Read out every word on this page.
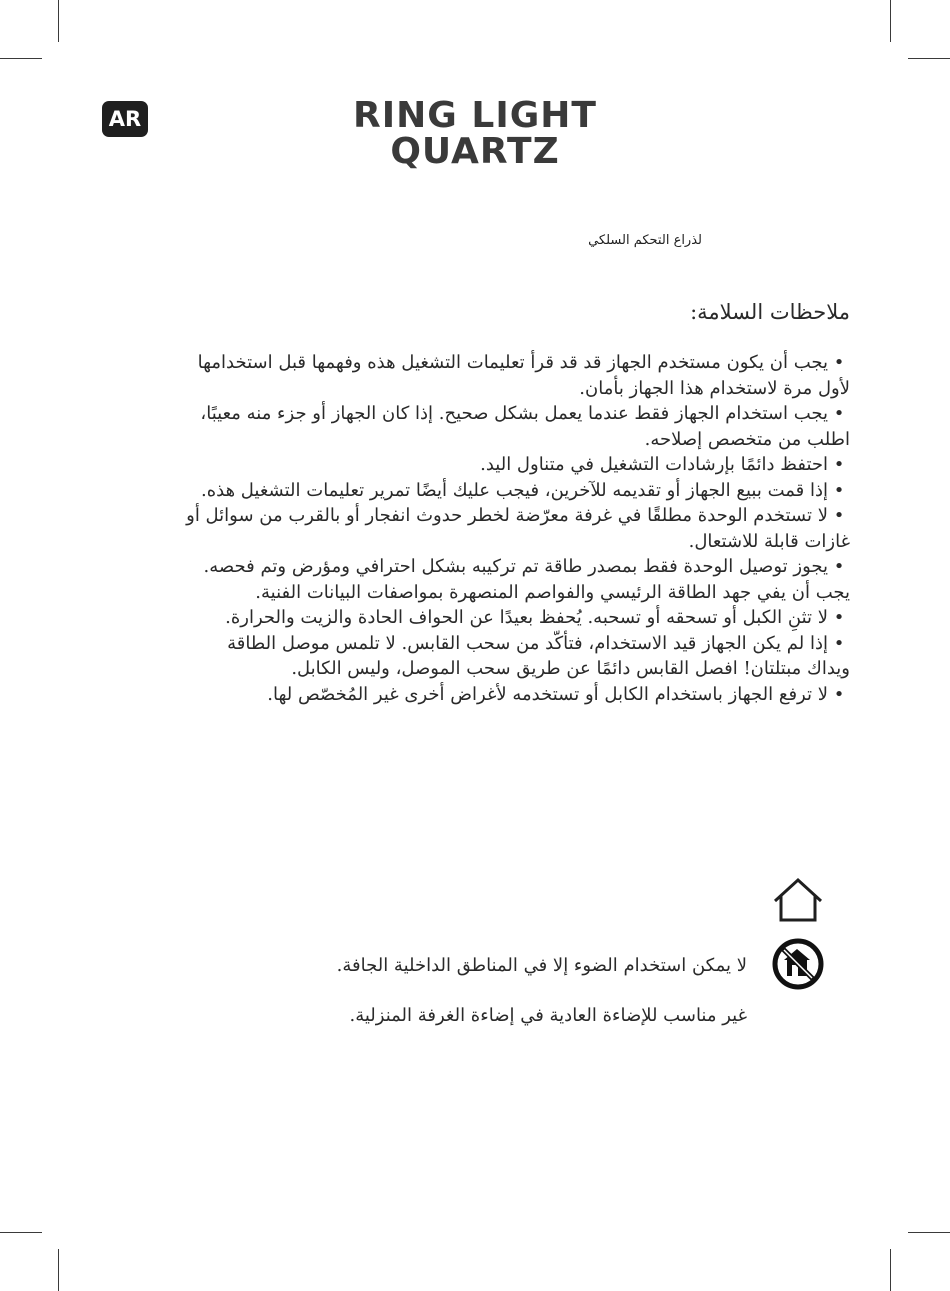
AR	RING LIGHT
QUARTZ
لذراع التحكم السلكي
ملاحظات السلامة:
•يجب أن يكون مستخدم الجهاز قد قد قرأ تعليمات التشغيل هذه وفهمها قبل استخدامها لأول مرة لاستخدام هذا الجهاز بأمان.
•يجب استخدام الجهاز فقط عندما يعمل بشكل صحيح. إذا كان الجهاز أو جزء منه معيبًا، اطلب من متخصص إصلاحه.
•احتفظ دائمًا بإرشادات التشغيل في متناول اليد.
•إذا قمت ببيع الجهاز أو تقديمه للآخرين، فيجب عليك أيضًا تمرير تعليمات التشغيل هذه.
•لا تستخدم الوحدة مطلقًا في غرفة معرّضة لخطر حدوث انفجار أو بالقرب من سوائل أو غازات قابلة للاشتعال.
•يجوز توصيل الوحدة فقط بمصدر طاقة تم تركيبه بشكل احترافي ومؤرض وتم فحصه. يجب أن يفي جهد الطاقة الرئيسي والفواصم المنصهرة بمواصفات البيانات الفنية.
•لا تثنِ الكبل أو تسحقه أو تسحبه. يُحفظ بعيدًا عن الحواف الحادة والزيت والحرارة.
•إذا لم يكن الجهاز قيد الاستخدام، فتأكّد من سحب القابس. لا تلمس موصل الطاقة ويداك مبتلتان! افصل القابس دائمًا عن طريق سحب الموصل، وليس الكابل.
•لا ترفع الجهاز باستخدام الكابل أو تستخدمه لأغراض أخرى غير المُخصّص لها.
لا يمكن استخدام الضوء إلا في المناطق الداخلية الجافة.
غير مناسب للإضاءة العادية في إضاءة الغرفة المنزلية.
